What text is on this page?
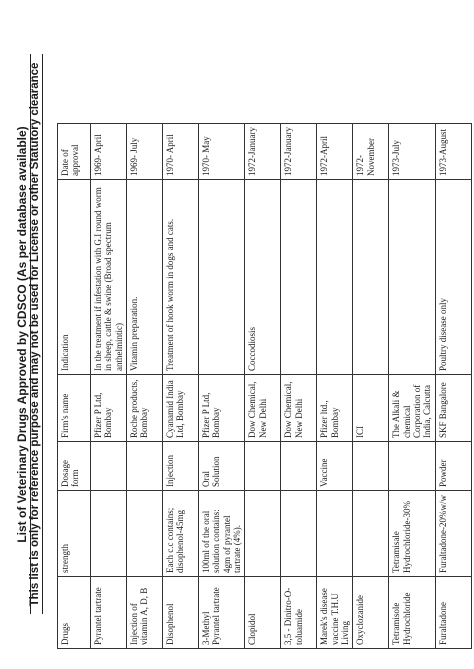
List of Veterinary Drugs Approved by CDSCO (As per database available) This list is only for reference purpose and may not be used for License or other Statutory clearance
Drugs	strength	Dosage form	Firm's name	Indication	Date of approval
Pyrantel tartrate			Pfizer P Ltd, Bombay	In the treatment if infestation with G.I round worm in sheep, cattle & swine (Broad spectrum anthelmintic)	1969- April
Injection of vitamin A, D, B			Roche products, Bombay	Vitamin preparation.	1969- July
Disophenol	Each c.c contains; disophenol-45mg	Injection	Cyanamid India Ltd, Bombay	Treatment of hook worm in dogs and cats.	1970- April
3-Methyl Pyrantel tartrate	100ml of the oral solution contains: 4gm of pyrantel tartrate (4%).	Oral Solution	Pfizer P Ltd, Bombay		1970- May
Clopidol			Dow Chemical, New Delhi	Coccodiosis	1972-January
3,5 - Dinitro-O-toluamide			Dow Chemical, New Delhi		1972-January
Marek's disease vaccine T.H.U Living		Vaccine	Pfizer ltd., Bombay		1972-April
Oxyclozanide			ICI		1972-November
Tetramisole Hydrochloride	Tetramisale Hydrochloride-30%		The Alkali & chemical Corporation of India, Calcutta		1973-July
Furaltadone	Furaltadone-20%w/w	Powder	SKF Bangalore	Poultry disease only	1973-August
